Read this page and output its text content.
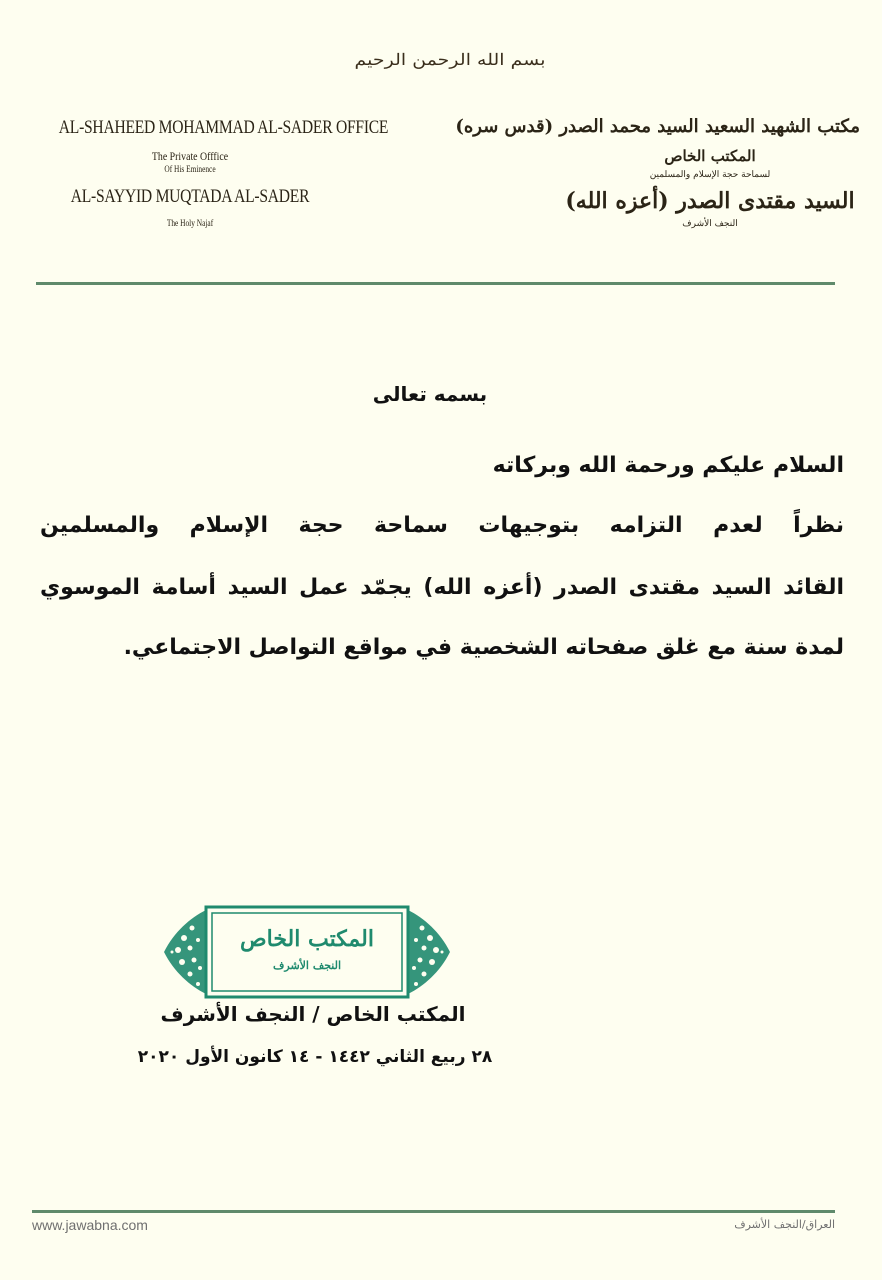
بسم الله الرحمن الرحيم
AL-SHAHEED MOHAMMAD AL-SADER OFFICE
The Private Offfice
Of His Eminence
AL-SAYYID MUQTADA AL-SADER
The Holy Najaf
مكتب الشهيد السعيد السيد محمد الصدر (قدس سره)
المكتب الخاص
لسماحة حجة الإسلام والمسلمين
السيد مقتدى الصدر (أعزه الله)
النجف الأشرف
بسمه تعالى
السلام عليكم ورحمة الله وبركاته
نظراً لعدم التزامه بتوجيهات سماحة حجة الإسلام والمسلمين
القائد السيد مقتدى الصدر (أعزه الله) يجمّد عمل السيد أسامة الموسوي
لمدة سنة مع غلق صفحاته الشخصية في مواقع التواصل الاجتماعي.
المكتب الخاص
النجف الأشرف
المكتب الخاص / النجف الأشرف
٢٨ ربيع الثاني ١٤٤٢ - ١٤ كانون الأول ٢٠٢٠
www.jawabna.com	العراق/النجف الأشرف
